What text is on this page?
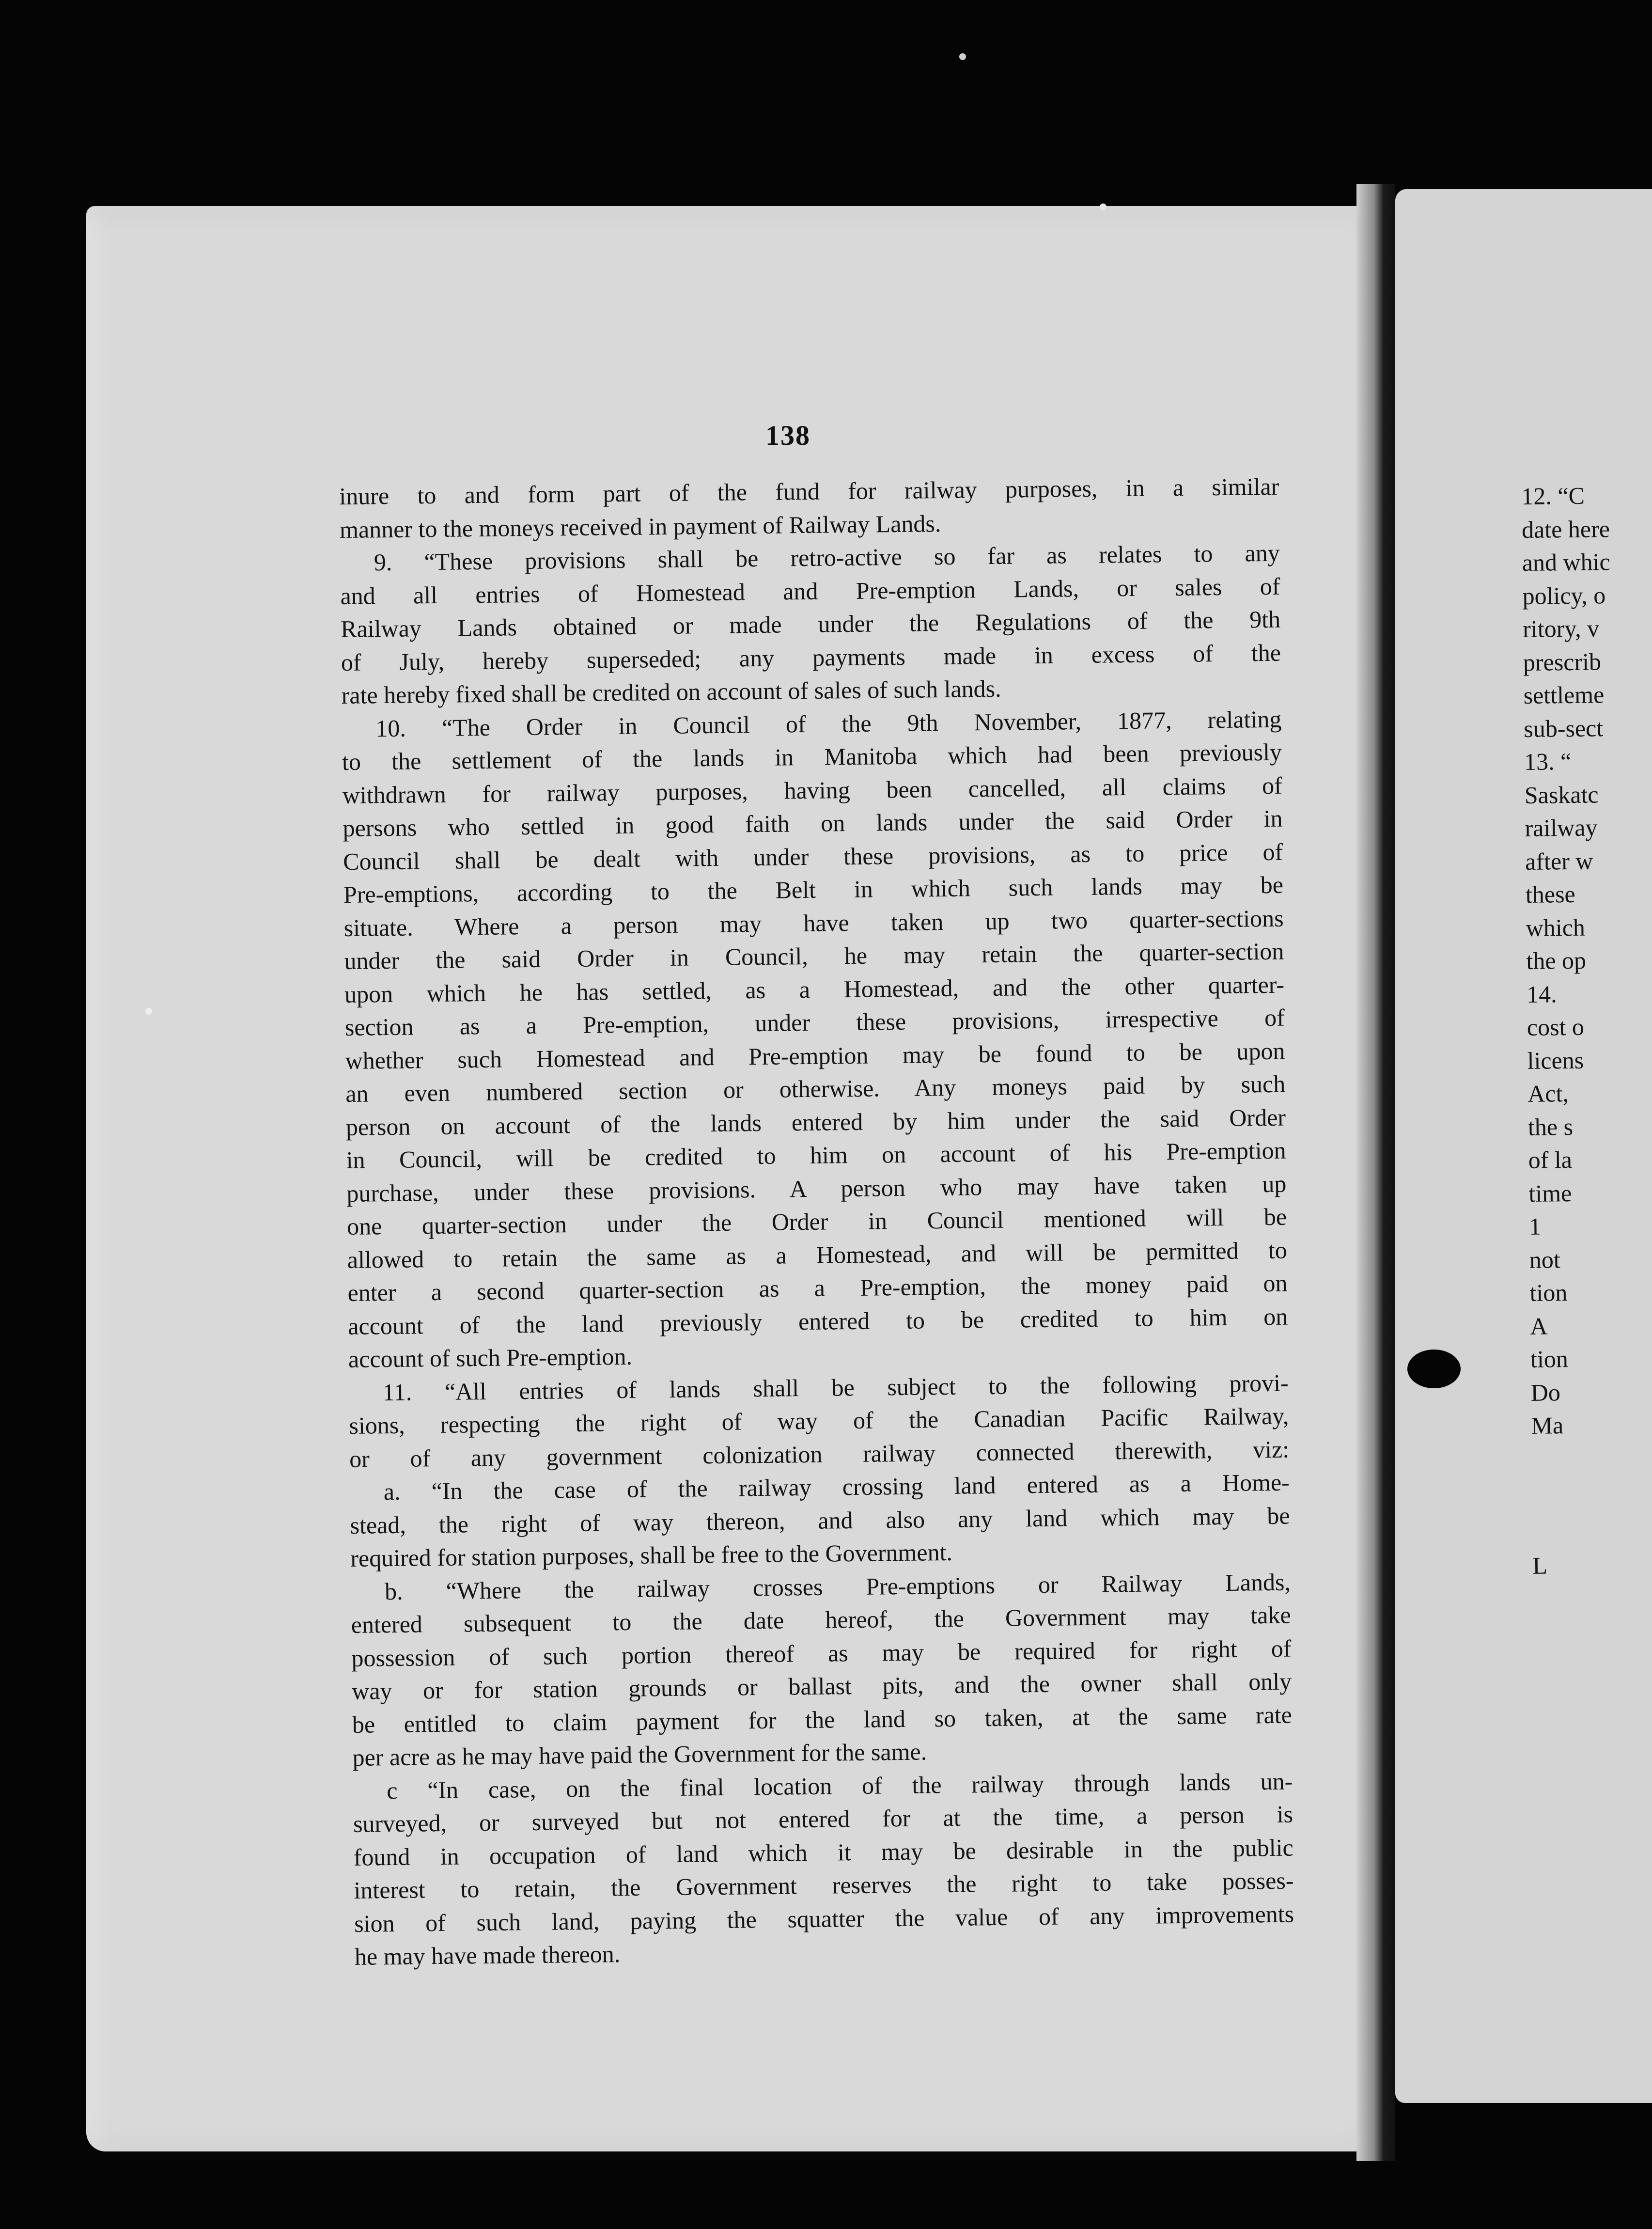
138
inure to and form part of the fund for railway purposes, in a similar
manner to the moneys received in payment of Railway Lands.
9. “These provisions shall be retro-active so far as relates to any
and all entries of Homestead and Pre-emption Lands, or sales of
Railway Lands obtained or made under the Regulations of the 9th
of July, hereby superseded; any payments made in excess of the
rate hereby fixed shall be credited on account of sales of such lands.
10. “The Order in Council of the 9th November, 1877, relating
to the settlement of the lands in Manitoba which had been previously
withdrawn for railway purposes, having been cancelled, all claims of
persons who settled in good faith on lands under the said Order in
Council shall be dealt with under these provisions, as to price of
Pre-emptions, according to the Belt in which such lands may be
situate. Where a person may have taken up two quarter-sections
under the said Order in Council, he may retain the quarter-section
upon which he has settled, as a Homestead, and the other quarter-
section as a Pre-emption, under these provisions, irrespective of
whether such Homestead and Pre-emption may be found to be upon
an even numbered section or otherwise. Any moneys paid by such
person on account of the lands entered by him under the said Order
in Council, will be credited to him on account of his Pre-emption
purchase, under these provisions. A person who may have taken up
one quarter-section under the Order in Council mentioned will be
allowed to retain the same as a Homestead, and will be permitted to
enter a second quarter-section as a Pre-emption, the money paid on
account of the land previously entered to be credited to him on
account of such Pre-emption.
11. “All entries of lands shall be subject to the following provi-
sions, respecting the right of way of the Canadian Pacific Railway,
or of any government colonization railway connected therewith, viz:
a. “In the case of the railway crossing land entered as a Home-
stead, the right of way thereon, and also any land which may be
required for station purposes, shall be free to the Government.
b. “Where the railway crosses Pre-emptions or Railway Lands,
entered subsequent to the date hereof, the Government may take
possession of such portion thereof as may be required for right of
way or for station grounds or ballast pits, and the owner shall only
be entitled to claim payment for the land so taken, at the same rate
per acre as he may have paid the Government for the same.
c “In case, on the final location of the railway through lands un-
surveyed, or surveyed but not entered for at the time, a person is
found in occupation of land which it may be desirable in the public
interest to retain, the Government reserves the right to take posses-
sion of such land, paying the squatter the value of any improvements
he may have made thereon.
12. “C
date here
and whic
policy, o
ritory, v
prescrib
settleme
sub-sect
13. “
Saskatc
railway
after w
these
which
the op
14.
cost o
licens
Act,
the s
of la
time
1
not
tion
A
tion
Do
Ma
L
